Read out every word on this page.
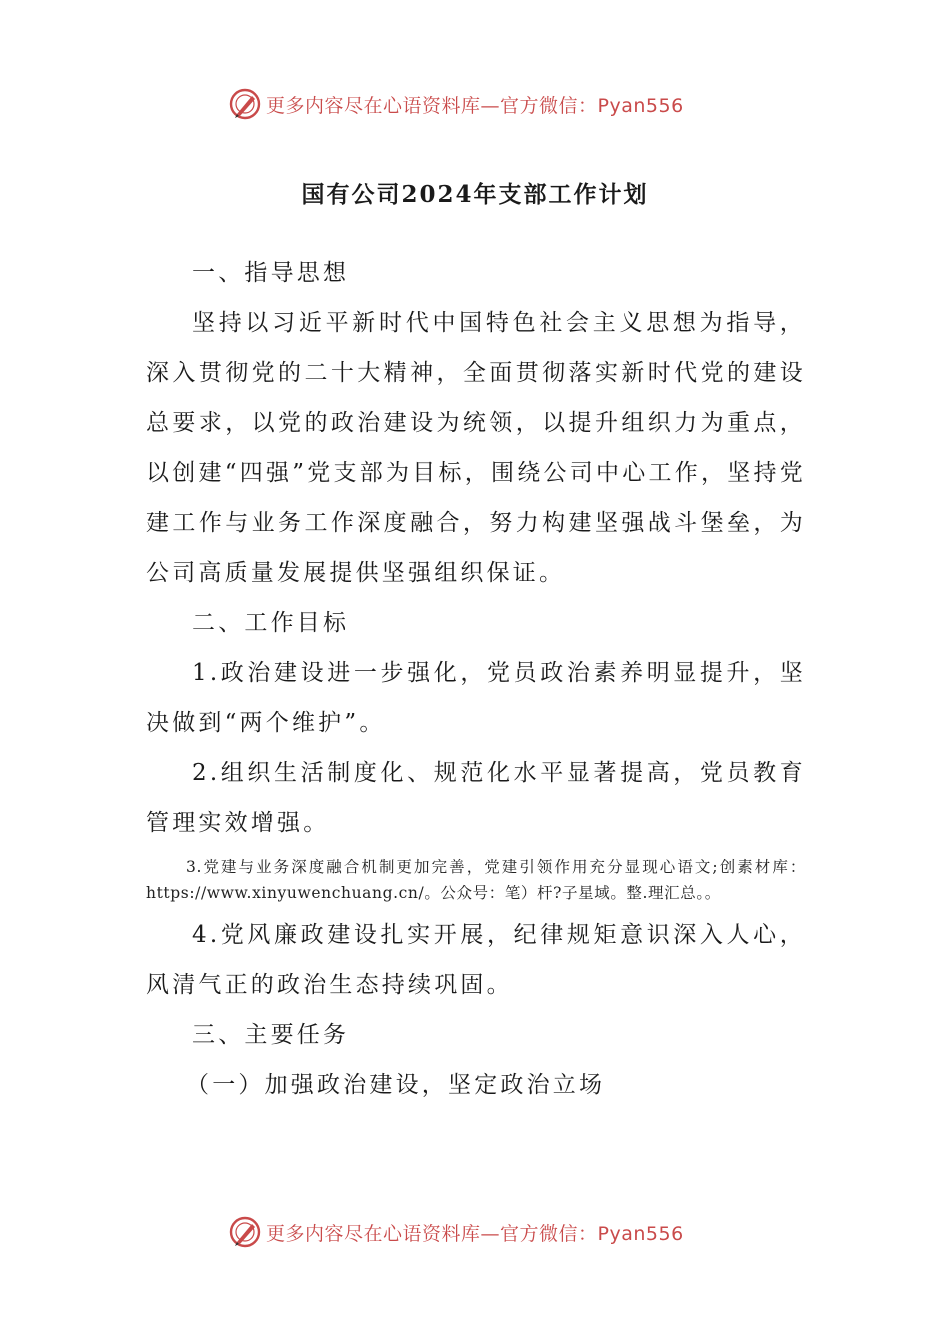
更多内容尽在心语资料库—官方微信：Pyan556
国有公司2024年支部工作计划

一、指导思想

坚持以习近平新时代中国特色社会主义思想为指导，深入贯彻党的二十大精神，全面贯彻落实新时代党的建设总要求，以党的政治建设为统领，以提升组织力为重点，以创建“四强”党支部为目标，围绕公司中心工作，坚持党建工作与业务工作深度融合，努力构建坚强战斗堡垒，为公司高质量发展提供坚强组织保证。

二、工作目标

1.政治建设进一步强化，党员政治素养明显提升，坚决做到“两个维护”。

2.组织生活制度化、规范化水平显著提高，党员教育管理实效增强。

3.党建与业务深度融合机制更加完善，党建引领作用充分显现心语文;创素材库：https://www.xinyuwenchuang.cn/。公众号：笔）杆?子星域。整.理汇总。。

4.党风廉政建设扎实开展，纪律规矩意识深入人心，风清气正的政治生态持续巩固。

三、主要任务

（一）加强政治建设，坚定政治立场

更多内容尽在心语资料库—官方微信：Pyan556
